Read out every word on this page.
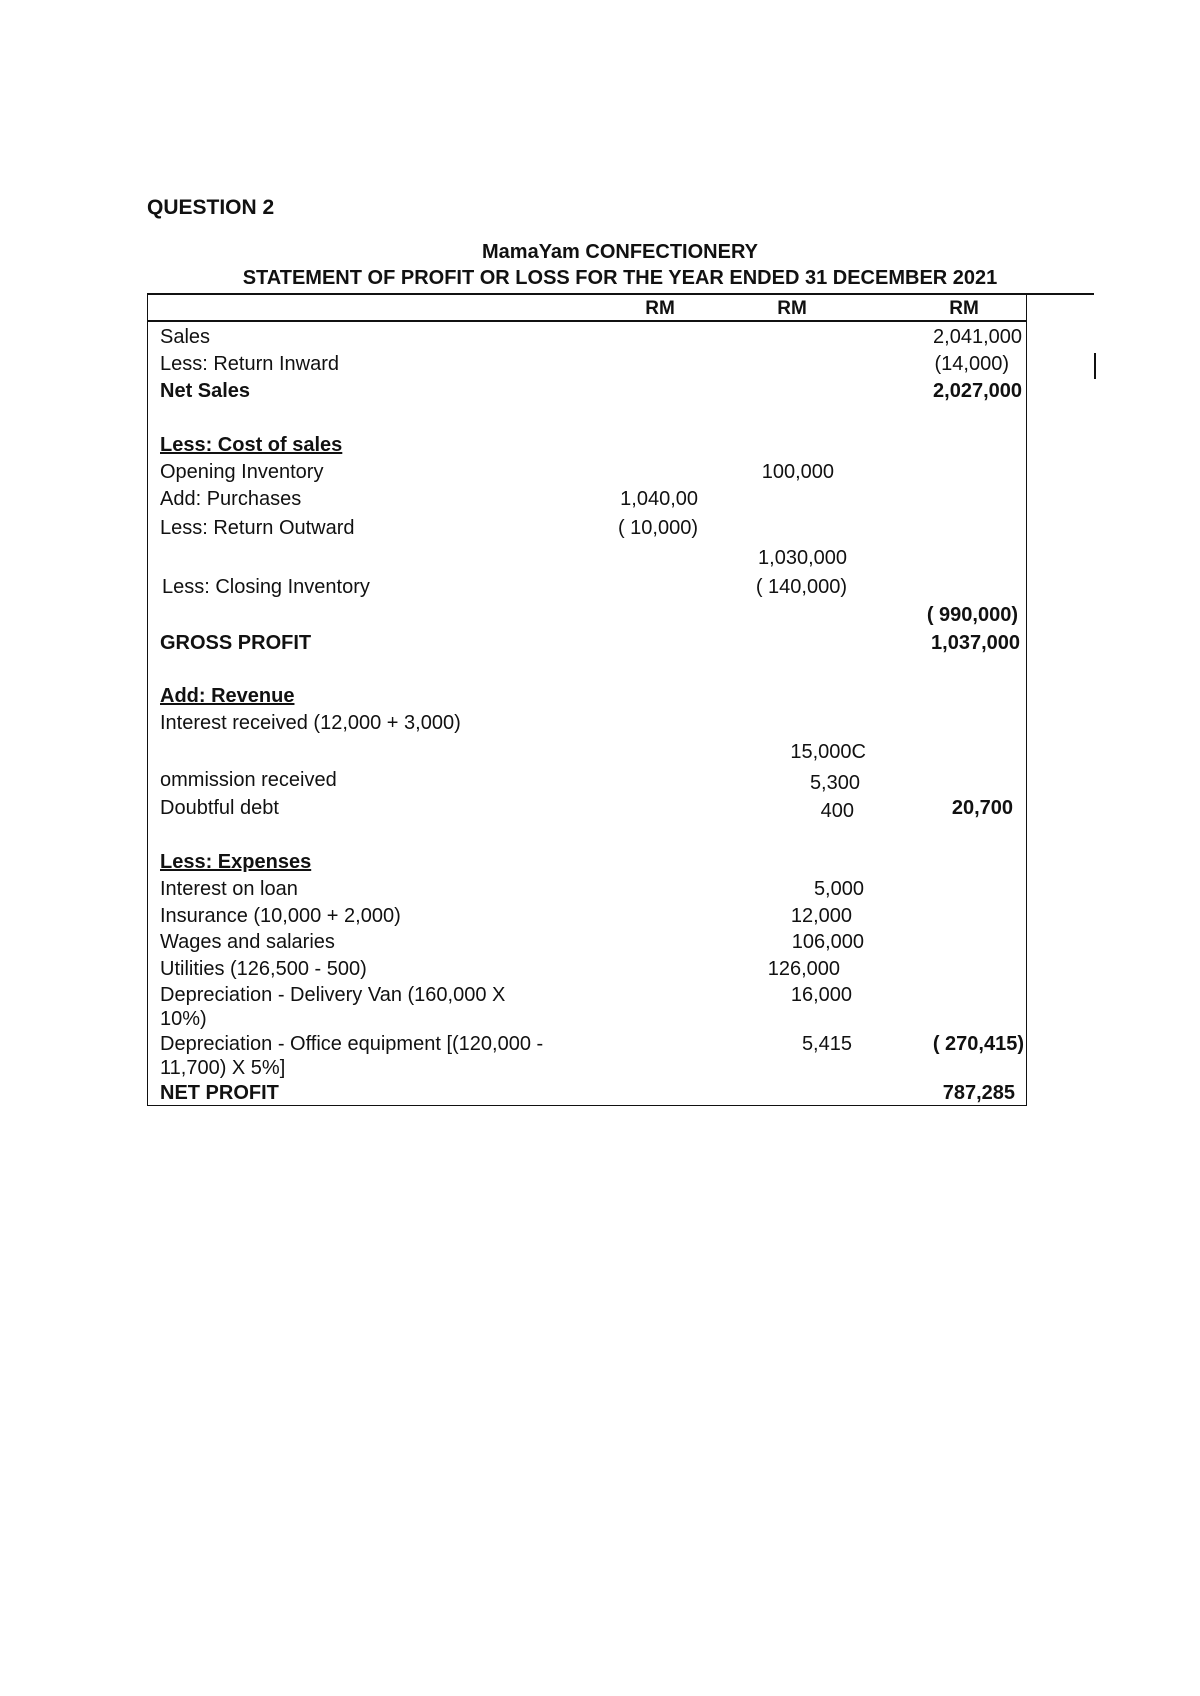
QUESTION 2
MamaYam CONFECTIONERY
STATEMENT OF PROFIT OR LOSS FOR THE YEAR ENDED 31 DECEMBER 2021
RM	RM	RM
Sales	2,041,000
Less: Return Inward	(14,000)
Net Sales	2,027,000
Less: Cost of sales
Opening Inventory	100,000
Add: Purchases	1,040,00
Less: Return Outward	( 10,000)
1,030,000
Less: Closing Inventory	( 140,000)
( 990,000)
GROSS PROFIT	1,037,000
Add: Revenue
Interest received (12,000 + 3,000)
15,000C
ommission received	5,300
Doubtful debt	400	20,700
Less: Expenses
Interest on loan	5,000
Insurance (10,000 + 2,000)	12,000
Wages and salaries	106,000
Utilities (126,500 - 500)	126,000
Depreciation - Delivery Van (160,000 X
10%)
16,000
Depreciation - Office equipment [(120,000 -
11,700) X 5%]
5,415	( 270,415)
NET PROFIT	787,285
